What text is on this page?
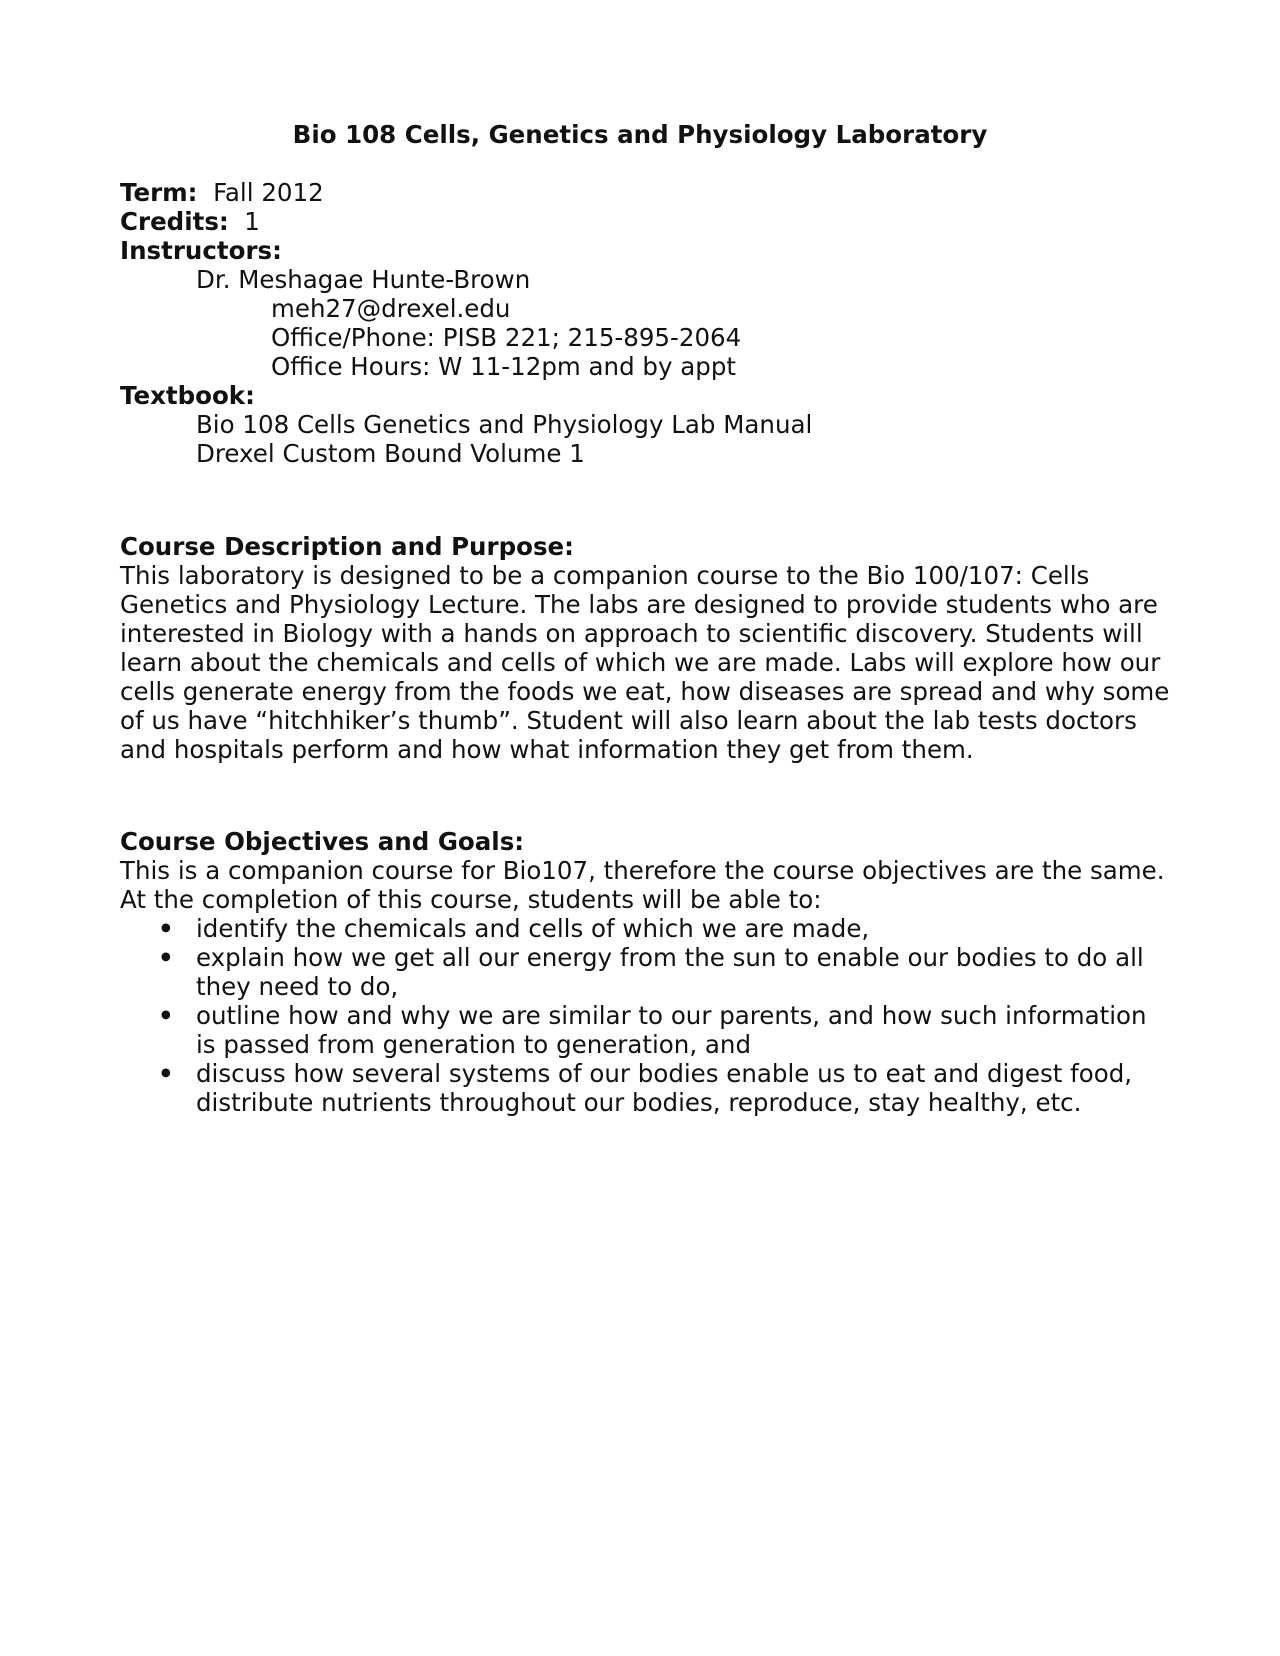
Bio 108 Cells, Genetics and Physiology Laboratory
Term: Fall 2012
Credits: 1
Instructors:
Dr. Meshagae Hunte-Brown
meh27@drexel.edu
Office/Phone: PISB 221; 215-895-2064
Office Hours: W 11-12pm and by appt
Textbook:
Bio 108 Cells Genetics and Physiology Lab Manual
Drexel Custom Bound Volume 1
Course Description and Purpose:

This laboratory is designed to be a companion course to the Bio 100/107: Cells Genetics and Physiology Lecture. The labs are designed to provide students who are interested in Biology with a hands on approach to scientific discovery. Students will learn about the chemicals and cells of which we are made. Labs will explore how our cells generate energy from the foods we eat, how diseases are spread and why some of us have “hitchhiker’s thumb”. Student will also learn about the lab tests doctors and hospitals perform and how what information they get from them.

Course Objectives and Goals:

This is a companion course for Bio107, therefore the course objectives are the same. At the completion of this course, students will be able to:

• identify the chemicals and cells of which we are made,
• explain how we get all our energy from the sun to enable our bodies to do all they need to do,
• outline how and why we are similar to our parents, and how such information is passed from generation to generation, and
• discuss how several systems of our bodies enable us to eat and digest food, distribute nutrients throughout our bodies, reproduce, stay healthy, etc.
